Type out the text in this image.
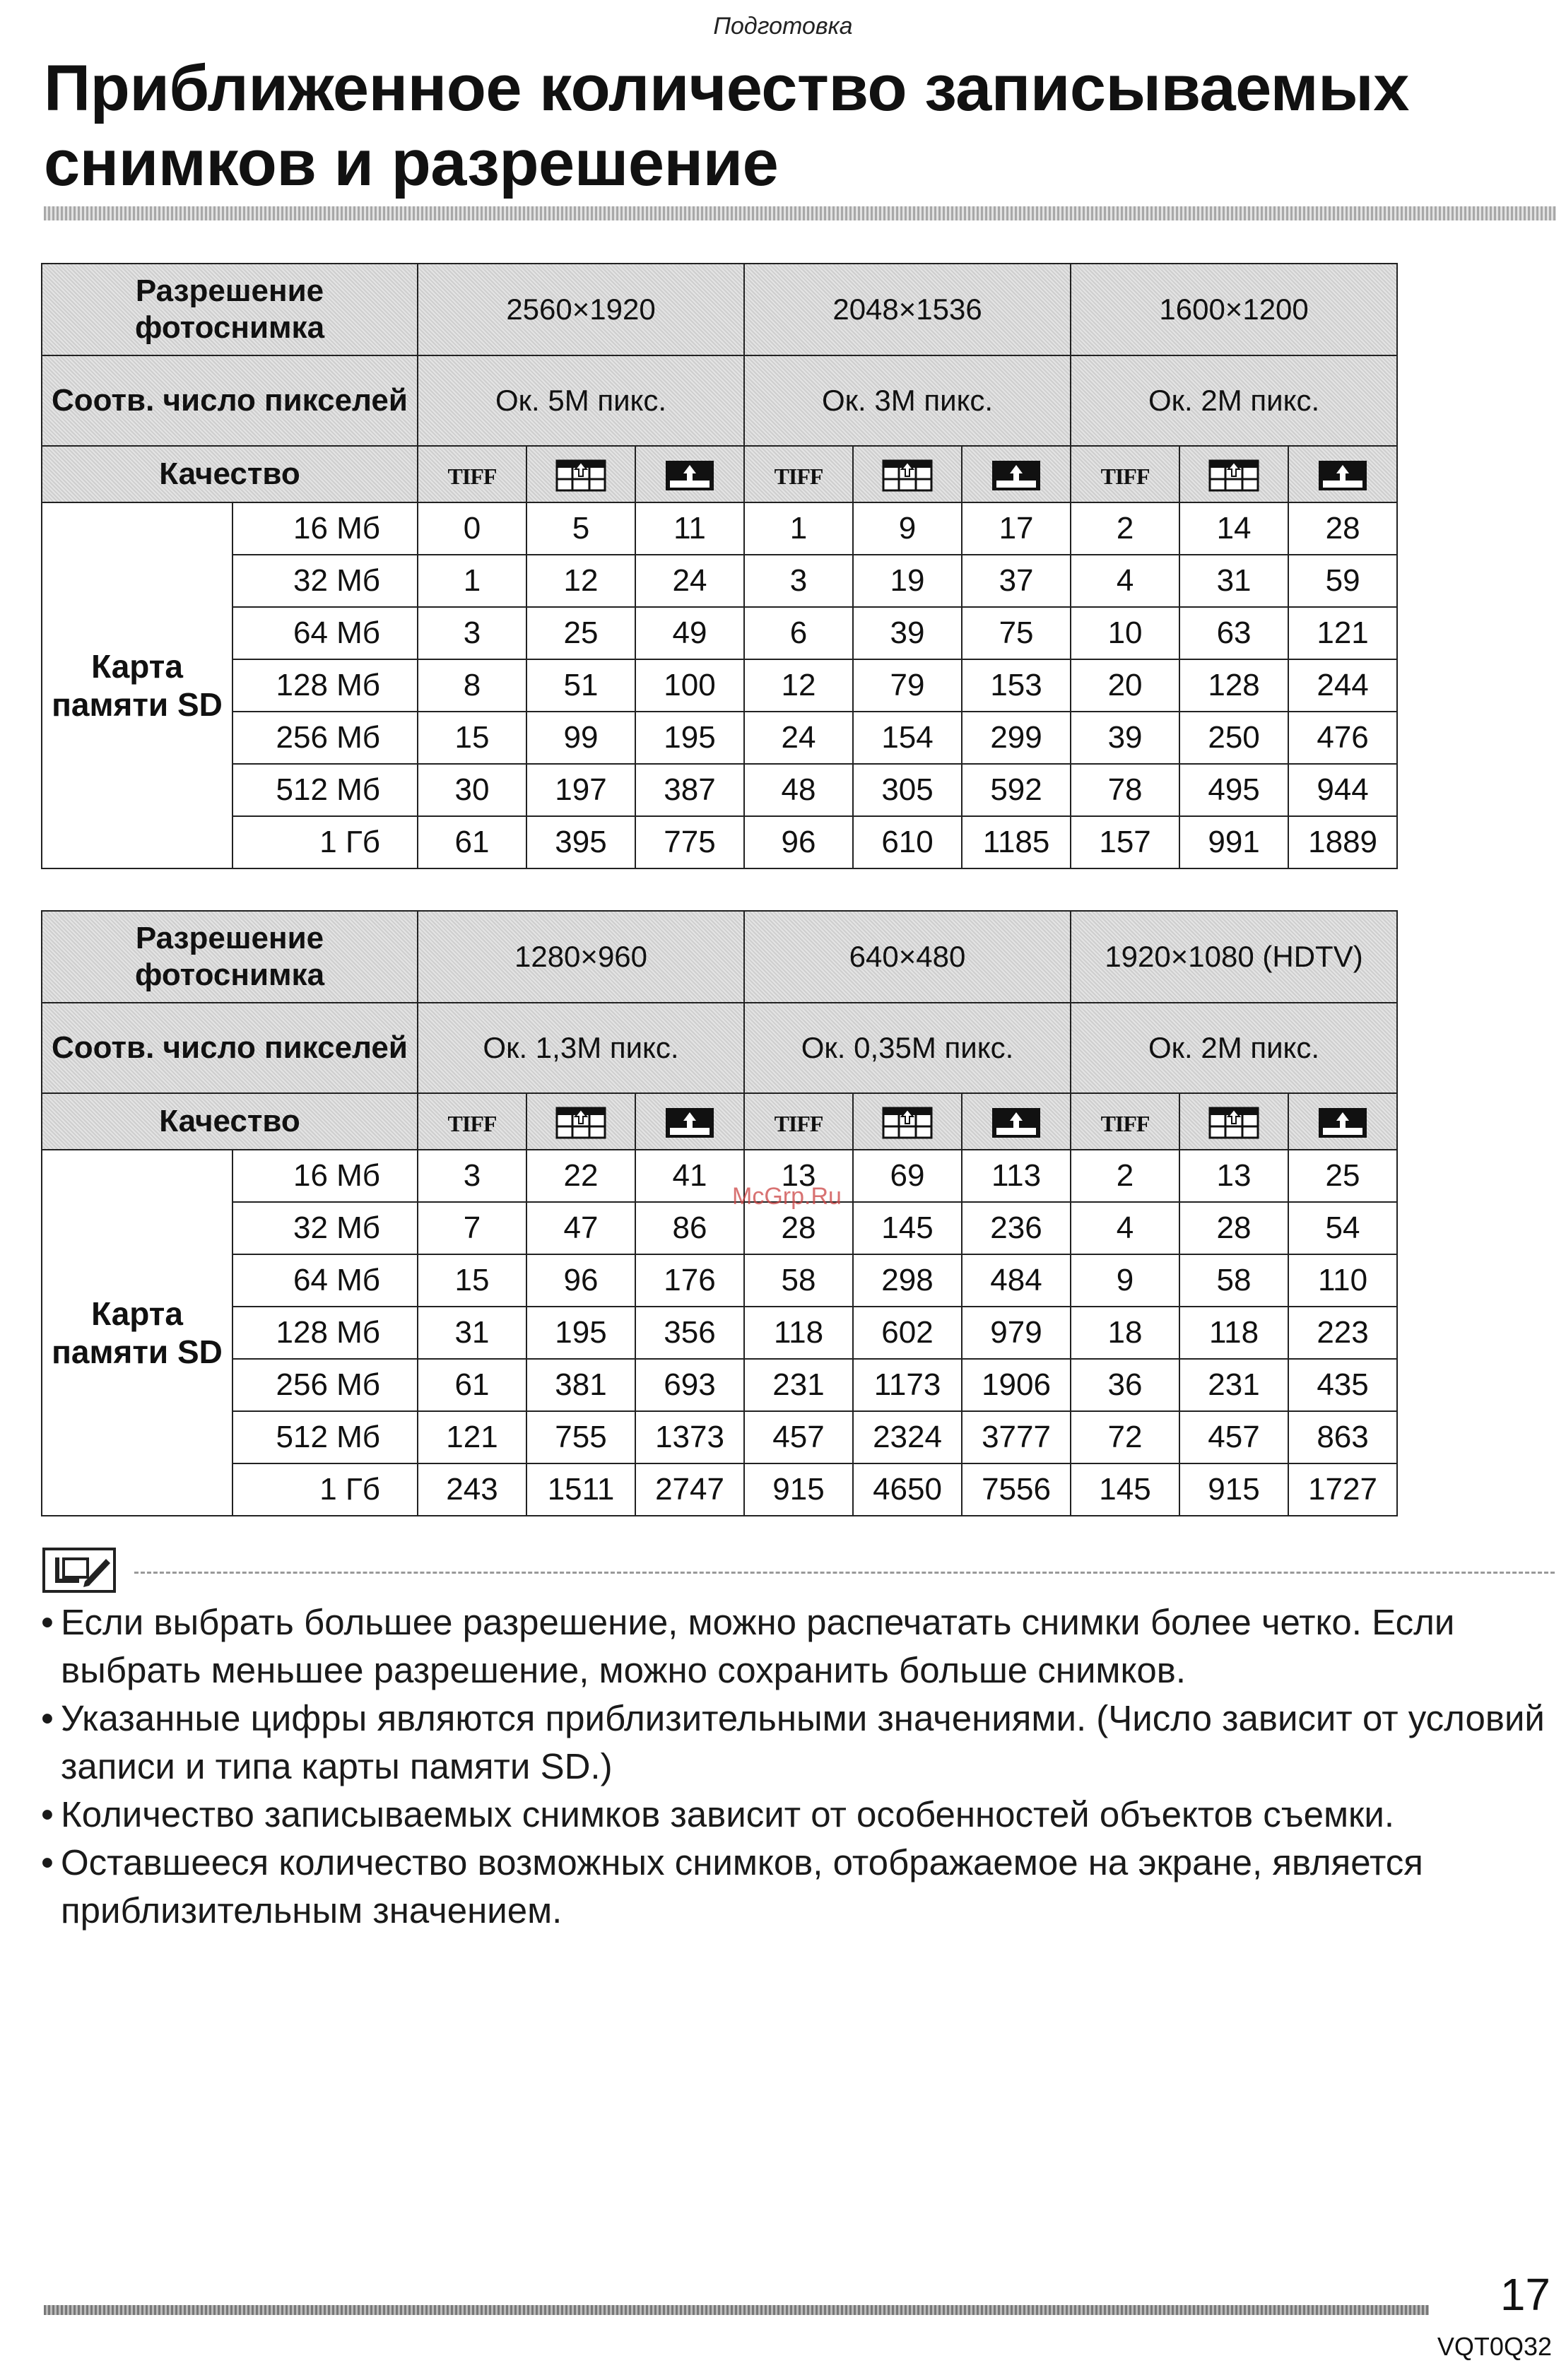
Подготовка
Приближенное количество записываемых
снимков и разрешение
Разрешение фотоснимка		2560×1920			2048×1536			1600×1200		
Соотв. число пикселей		Ок. 5М пикс.			Ок. 3М пикс.			Ок. 2М пикс.		
Качество		TIFF			TIFF			TIFF		
Карта памяти SD	16 Мб	0	5	11	1	9	17	2	14	28
	32 Мб	1	12	24	3	19	37	4	31	59
	64 Мб	3	25	49	6	39	75	10	63	121
	128 Мб	8	51	100	12	79	153	20	128	244
	256 Мб	15	99	195	24	154	299	39	250	476
	512 Мб	30	197	387	48	305	592	78	495	944
	1 Гб	61	395	775	96	610	1185	157	991	1889
Разрешение фотоснимка		1280×960			640×480			1920×1080 (HDTV)		
Соотв. число пикселей		Ок. 1,3М пикс.			Ок. 0,35М пикс.			Ок. 2М пикс.		
Качество		TIFF			TIFF			TIFF		
Карта памяти SD	16 Мб	3	22	41	13	69	113	2	13	25
	32 Мб	7	47	86	28	145	236	4	28	54
	64 Мб	15	96	176	58	298	484	9	58	110
	128 Мб	31	195	356	118	602	979	18	118	223
	256 Мб	61	381	693	231	1173	1906	36	231	435
	512 Мб	121	755	1373	457	2324	3777	72	457	863
	1 Гб	243	1511	2747	915	4650	7556	145	915	1727
McGrp.Ru
• Если выбрать большее разрешение, можно распечатать снимки более четко. Если выбрать меньшее разрешение, можно сохранить больше снимков.
• Указанные цифры являются приблизительными значениями. (Число зависит от условий записи и типа карты памяти SD.)
• Количество записываемых снимков зависит от особенностей объектов съемки.
• Оставшееся количество возможных снимков, отображаемое на экране, является приблизительным значением.
17
VQT0Q32
